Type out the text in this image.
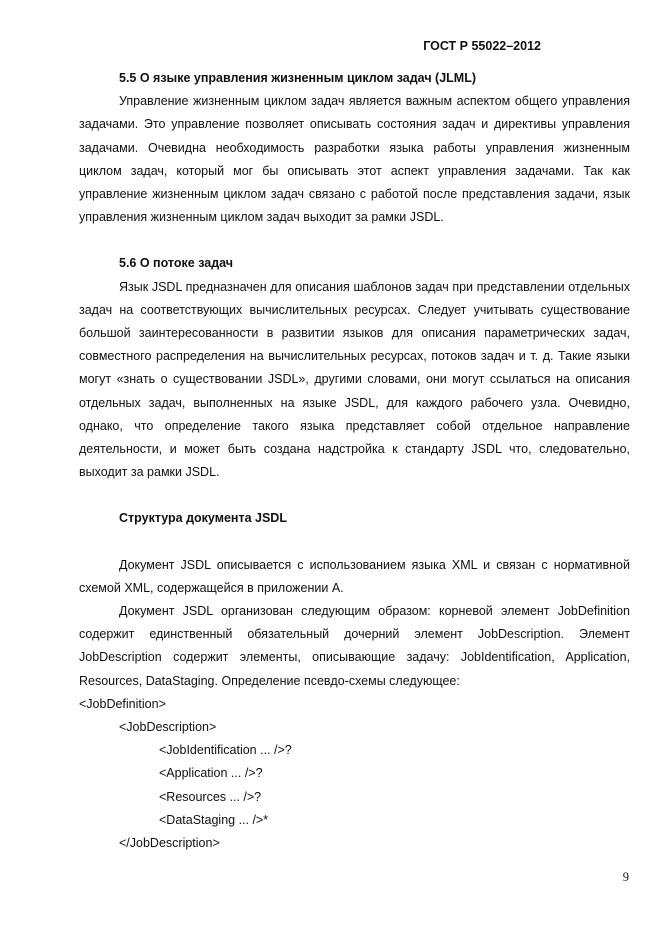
ГОСТ Р 55022–2012
5.5 О языке управления жизненным циклом задач (JLML)

Управление жизненным циклом задач является важным аспектом общего управления задачами. Это управление позволяет описывать состояния задач и директивы управления задачами. Очевидна необходимость разработки языка работы управления жизненным циклом задач, который мог бы описывать этот аспект управления задачами. Так как управление жизненным циклом задач связано с работой после представления задачи, язык управления жизненным циклом задач выходит за рамки JSDL.

5.6 О потоке задач

Язык JSDL предназначен для описания шаблонов задач при представлении отдельных задач на соответствующих вычислительных ресурсах. Следует учитывать существование большой заинтересованности в развитии языков для описания параметрических задач, совместного распределения на вычислительных ресурсах, потоков задач и т. д. Такие языки могут «знать о существовании JSDL», другими словами, они могут ссылаться на описания отдельных задач, выполненных на языке JSDL, для каждого рабочего узла. Очевидно, однако, что определение такого языка представляет собой отдельное направление деятельности, и может быть создана надстройка к стандарту JSDL что, следовательно, выходит за рамки JSDL.

Структура документа JSDL

Документ JSDL описывается с использованием языка XML и связан с нормативной схемой XML, содержащейся в приложении А.

Документ JSDL организован следующим образом: корневой элемент JobDefinition содержит единственный обязательный дочерний элемент JobDescription. Элемент JobDescription содержит элементы, описывающие задачу: JobIdentification, Application, Resources, DataStaging. Определение псевдо-схемы следующее:

<JobDefinition>
<JobDescription>
<JobIdentification ... />?
<Application ... />?
<Resources ... />?
<DataStaging ... />*
</JobDescription>
9
